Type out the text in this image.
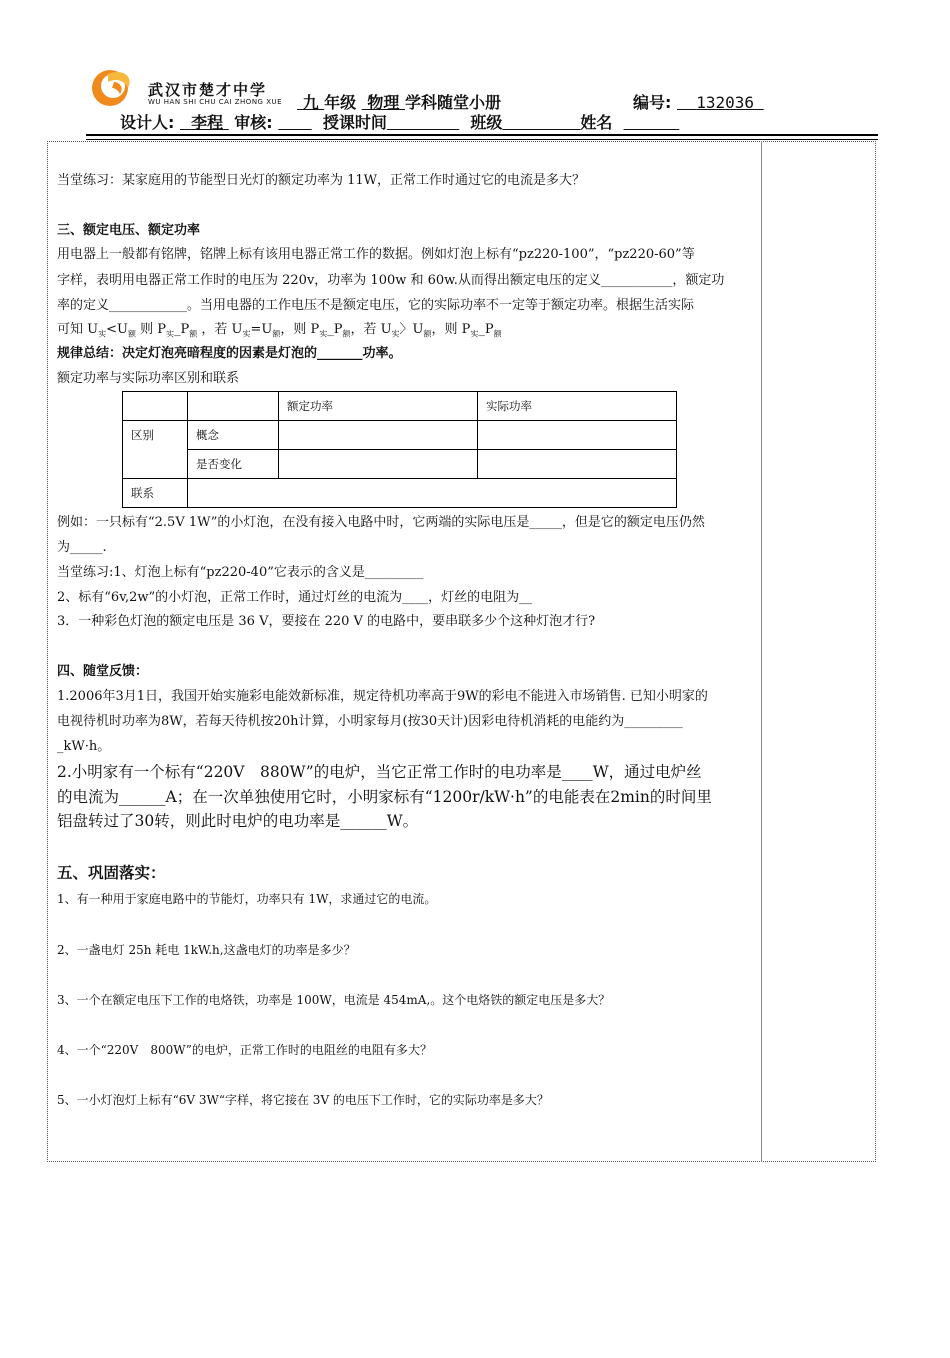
武汉市楚才中学
WU HAN SHI CHU CAI ZHONG XUE	九 年级 物理 学科随堂小册	编号: 132036
设计人: 李程 审核:	授课时间	班级	姓名
当堂练习：某家庭用的节能型日光灯的额定功率为 11W，正常工作时通过它的电流是多大？
三、额定电压、额定功率
用电器上一般都有铭牌，铭牌上标有该用电器正常工作的数据。例如灯泡上标有“pz220-100”，“pz220-60”等
字样，表明用电器正常工作时的电压为 220v，功率为 100w 和 60w.从而得出额定电压的定义___________，额定功
率的定义____________。当用电器的工作电压不是额定电压，它的实际功率不一定等于额定功率。根据生活实际
可知 $U_实<U_额$ 则 $P_实\_P_额$ ，若 $U_实=U_额$，则 $P_实\_P_额$，若 $U_实$〉$U_额$，则 $P_实\_P_额$
规律总结：决定灯泡亮暗程度的因素是灯泡的_______功率。
额定功率与实际功率区别和联系
		额定功率	实际功率
区别	概念		
	是否变化		
联系			
例如：一只标有“2.5V 1W”的小灯泡，在没有接入电路中时，它两端的实际电压是_____，但是它的额定电压仍然
为_____.
当堂练习:1、灯泡上标有“pz220-40”它表示的含义是_________
2、标有“6v,2w”的小灯泡，正常工作时，通过灯丝的电流为____，灯丝的电阻为__
3．一种彩色灯泡的额定电压是 36 V，要接在 220 V 的电路中，要串联多少个这种灯泡才行?
四、随堂反馈：
1.2006年3月1日，我国开始实施彩电能效新标准，规定待机功率高于9W的彩电不能进入市场销售. 已知小明家的
电视待机时功率为8W，若每天待机按20h计算，小明家每月(按30天计)因彩电待机消耗的电能约为_________
_kW·h。
2.小明家有一个标有“220V　880W”的电炉，当它正常工作时的电功率是____W，通过电炉丝
的电流为______A；在一次单独使用它时，小明家标有“1200r/kW·h”的电能表在2min的时间里
铝盘转过了30转，则此时电炉的电功率是______W。
五、巩固落实：
1、有一种用于家庭电路中的节能灯，功率只有 1W，求通过它的电流。
2、一盏电灯 25h 耗电 1kW.h,这盏电灯的功率是多少？
3、一个在额定电压下工作的电烙铁，功率是 100W，电流是 454mA,。这个电烙铁的额定电压是多大？
4、一个“220V　800W”的电炉，正常工作时的电阻丝的电阻有多大？
5、一小灯泡灯上标有“6V 3W“字样，将它接在 3V 的电压下工作时，它的实际功率是多大？
